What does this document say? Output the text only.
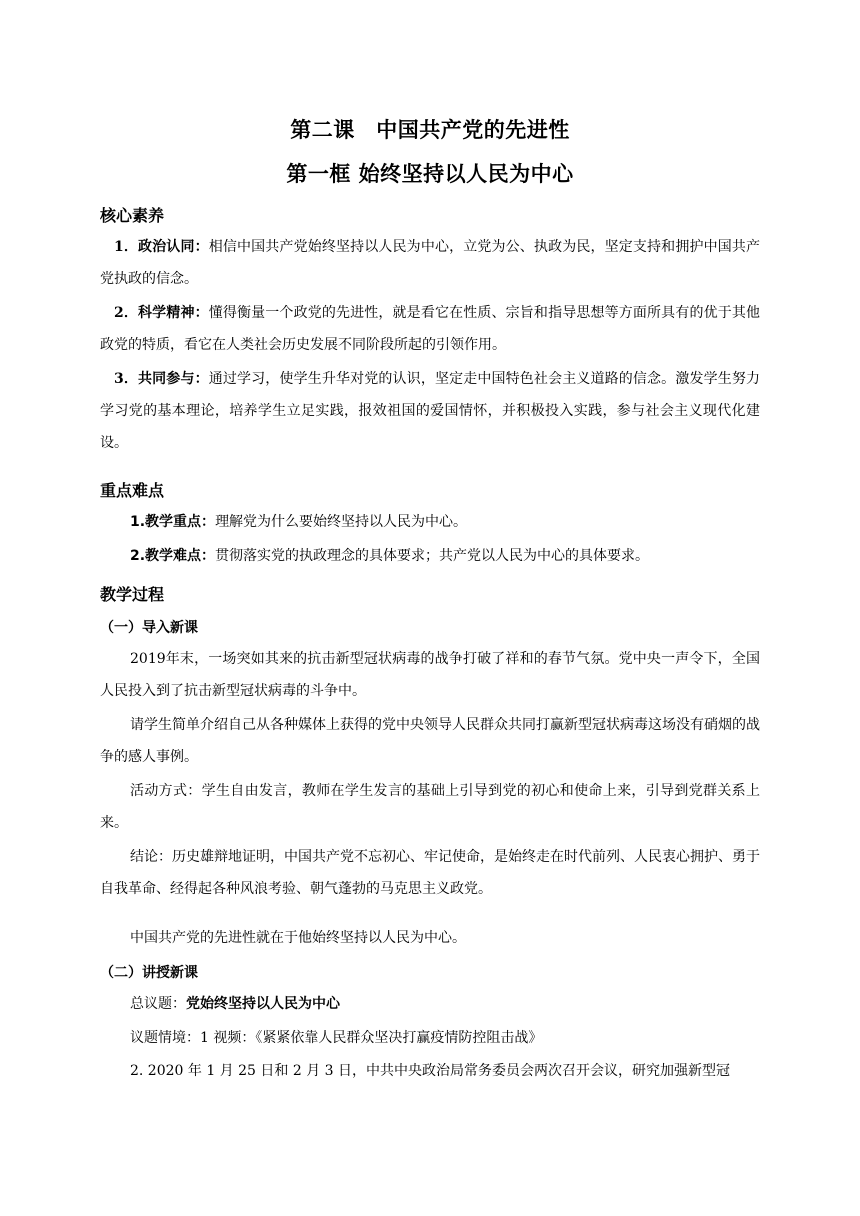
第二课　中国共产党的先进性
第一框 始终坚持以人民为中心
核心素养

1．政治认同：相信中国共产党始终坚持以人民为中心，立党为公、执政为民，坚定支持和拥护中国共产党执政的信念。

2．科学精神：懂得衡量一个政党的先进性，就是看它在性质、宗旨和指导思想等方面所具有的优于其他政党的特质，看它在人类社会历史发展不同阶段所起的引领作用。

3．共同参与：通过学习，使学生升华对党的认识，坚定走中国特色社会主义道路的信念。激发学生努力学习党的基本理论，培养学生立足实践，报效祖国的爱国情怀，并积极投入实践，参与社会主义现代化建设。

重点难点

1.教学重点：理解党为什么要始终坚持以人民为中心。

2.教学难点：贯彻落实党的执政理念的具体要求；共产党以人民为中心的具体要求。

教学过程
（一）导入新课

2019年末，一场突如其来的抗击新型冠状病毒的战争打破了祥和的春节气氛。党中央一声令下，全国人民投入到了抗击新型冠状病毒的斗争中。

请学生简单介绍自己从各种媒体上获得的党中央领导人民群众共同打赢新型冠状病毒这场没有硝烟的战争的感人事例。

活动方式：学生自由发言，教师在学生发言的基础上引导到党的初心和使命上来，引导到党群关系上来。

结论：历史雄辩地证明，中国共产党不忘初心、牢记使命，是始终走在时代前列、人民衷心拥护、勇于自我革命、经得起各种风浪考验、朝气蓬勃的马克思主义政党。

中国共产党的先进性就在于他始终坚持以人民为中心。

（二）讲授新课

总议题：党始终坚持以人民为中心

议题情境：1 视频：《紧紧依靠人民群众坚决打赢疫情防控阻击战》

2. 2020 年 1 月 25 日和 2 月 3 日，中共中央政治局常务委员会两次召开会议，研究加强新型冠
